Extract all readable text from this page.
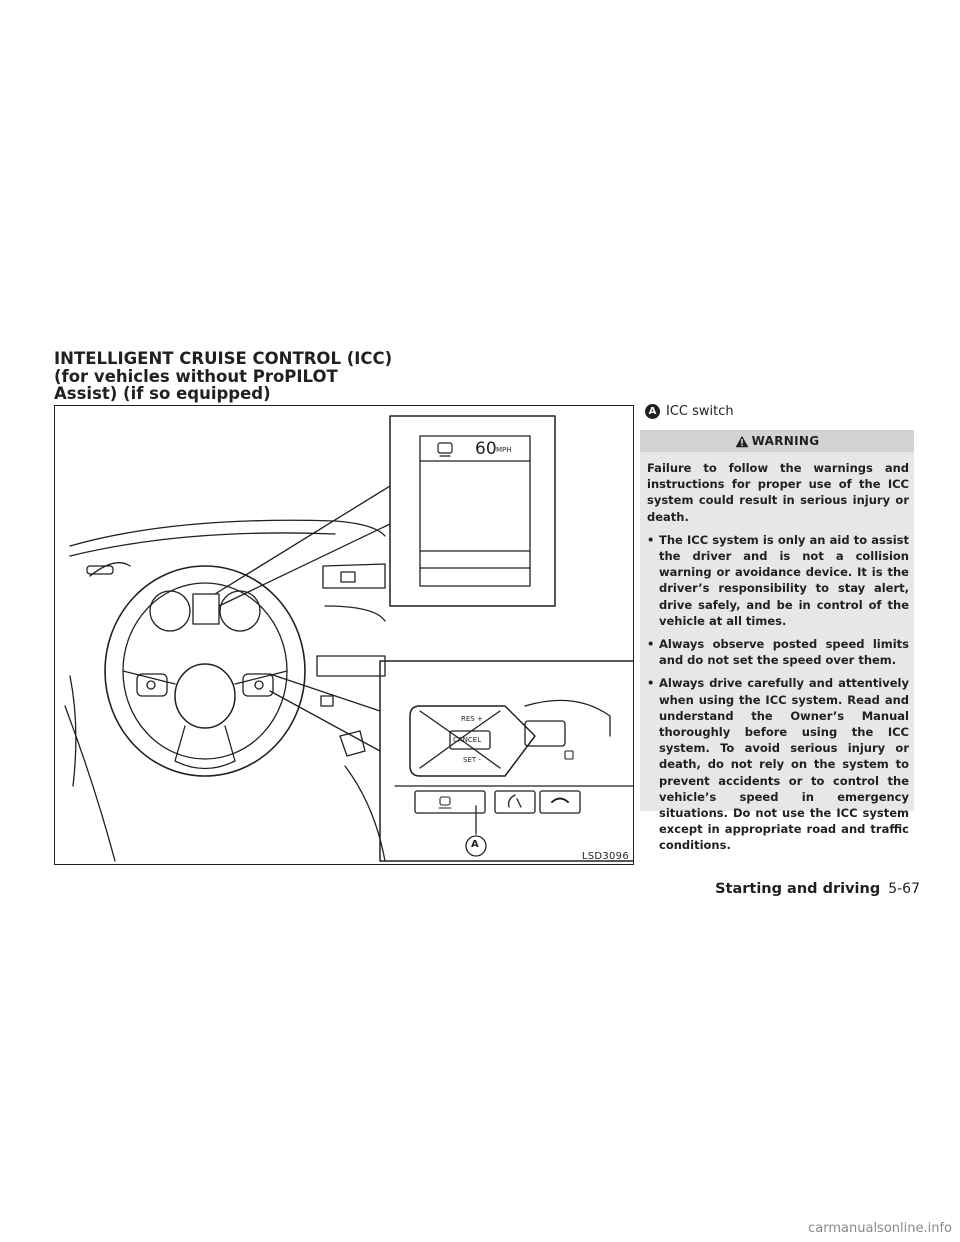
INTELLIGENT CRUISE CONTROL (ICC)
(for vehicles without ProPILOT
Assist) (if so equipped)
60 MPH
RES +
CANCEL
SET -
A
LSD3096
A ICC switch
WARNING

Failure to follow the warnings and instructions for proper use of the ICC system could result in serious injury or death.

• The ICC system is only an aid to assist the driver and is not a collision warning or avoidance device. It is the driver’s responsibility to stay alert, drive safely, and be in control of the vehicle at all times.
• Always observe posted speed limits and do not set the speed over them.
• Always drive carefully and attentively when using the ICC system. Read and understand the Owner’s Manual thoroughly before using the ICC system. To avoid serious injury or death, do not rely on the system to prevent accidents or to control the vehicle’s speed in emergency situations. Do not use the ICC system except in appropriate road and traffic conditions.
Starting and driving 5-67
carmanualsonline.info
